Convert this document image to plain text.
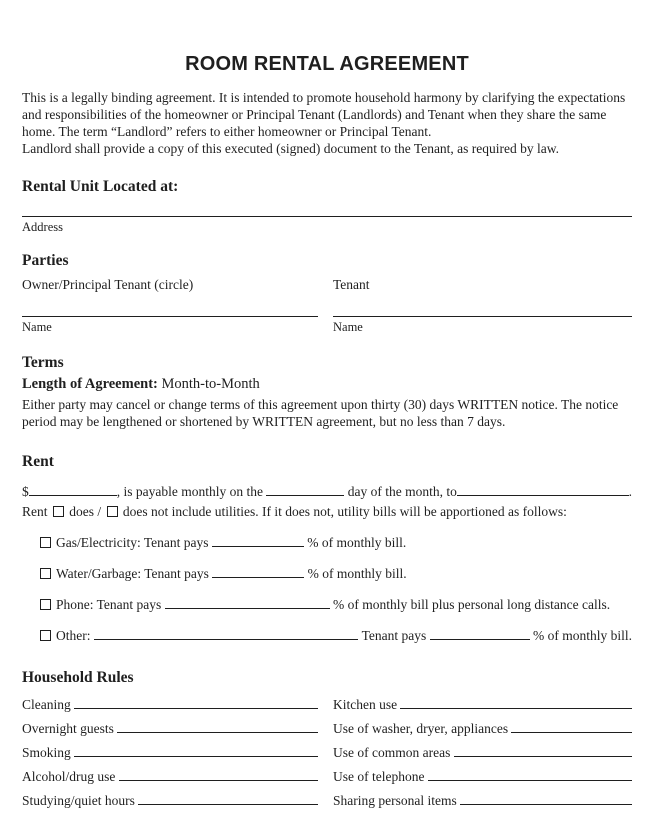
ROOM RENTAL AGREEMENT
This is a legally binding agreement. It is intended to promote household harmony by clarifying the expectations and responsibilities of the homeowner or Principal Tenant (Landlords) and Tenant when they share the same home. The term “Landlord” refers to either homeowner or Principal Tenant.
Landlord shall provide a copy of this executed (signed) document to the Tenant, as required by law.
Rental Unit Located at:
Address
Parties
Owner/Principal Tenant (circle)	Tenant
Name	Name
Terms
Length of Agreement: Month-to-Month
Either party may cancel or change terms of this agreement upon thirty (30) days WRITTEN notice. The notice period may be lengthened or shortened by WRITTEN agreement, but no less than 7 days.
Rent
$	, is payable monthly on the	day of the month, to	.
Rent  does /  does not include utilities. If it does not, utility bills will be apportioned as follows:
Gas/Electricity: Tenant pays	% of monthly bill.
Water/Garbage: Tenant pays	% of monthly bill.
Phone: Tenant pays	% of monthly bill plus personal long distance calls.
Other:	Tenant pays	% of monthly bill.
Household Rules
Cleaning	Kitchen use
Overnight guests	Use of washer, dryer, appliances
Smoking	Use of common areas
Alcohol/drug use	Use of telephone
Studying/quiet hours	Sharing personal items
